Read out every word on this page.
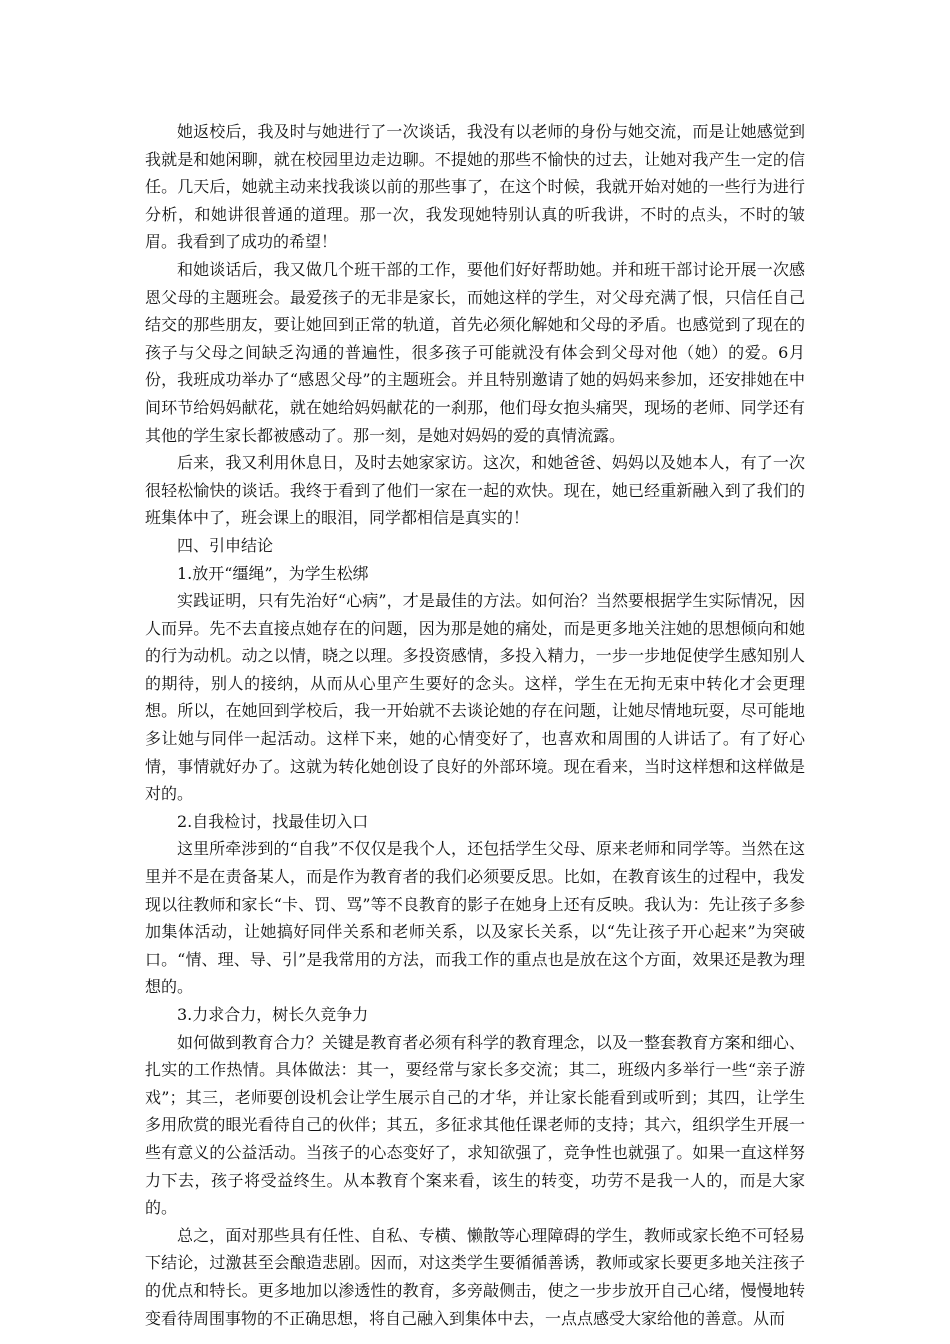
她返校后，我及时与她进行了一次谈话，我没有以老师的身份与她交流，而是让她感觉到我就是和她闲聊，就在校园里边走边聊。不提她的那些不愉快的过去，让她对我产生一定的信任。几天后，她就主动来找我谈以前的那些事了，在这个时候，我就开始对她的一些行为进行分析，和她讲很普通的道理。那一次，我发现她特别认真的听我讲，不时的点头，不时的皱眉。我看到了成功的希望！

和她谈话后，我又做几个班干部的工作，要他们好好帮助她。并和班干部讨论开展一次感恩父母的主题班会。最爱孩子的无非是家长，而她这样的学生，对父母充满了恨，只信任自己结交的那些朋友，要让她回到正常的轨道，首先必须化解她和父母的矛盾。也感觉到了现在的孩子与父母之间缺乏沟通的普遍性，很多孩子可能就没有体会到父母对他（她）的爱。6月份，我班成功举办了“感恩父母”的主题班会。并且特别邀请了她的妈妈来参加，还安排她在中间环节给妈妈献花，就在她给妈妈献花的一刹那，他们母女抱头痛哭，现场的老师、同学还有其他的学生家长都被感动了。那一刻，是她对妈妈的爱的真情流露。

后来，我又利用休息日，及时去她家家访。这次，和她爸爸、妈妈以及她本人，有了一次很轻松愉快的谈话。我终于看到了他们一家在一起的欢快。现在，她已经重新融入到了我们的班集体中了，班会课上的眼泪，同学都相信是真实的！

四、引申结论

1.放开“缰绳”，为学生松绑

实践证明，只有先治好“心病”，才是最佳的方法。如何治？当然要根据学生实际情况，因人而异。先不去直接点她存在的问题，因为那是她的痛处，而是更多地关注她的思想倾向和她的行为动机。动之以情，晓之以理。多投资感情，多投入精力，一步一步地促使学生感知别人的期待，别人的接纳，从而从心里产生要好的念头。这样，学生在无拘无束中转化才会更理想。所以，在她回到学校后，我一开始就不去谈论她的存在问题，让她尽情地玩耍，尽可能地多让她与同伴一起活动。这样下来，她的心情变好了，也喜欢和周围的人讲话了。有了好心情，事情就好办了。这就为转化她创设了良好的外部环境。现在看来，当时这样想和这样做是对的。

2.自我检讨，找最佳切入口

这里所牵涉到的“自我”不仅仅是我个人，还包括学生父母、原来老师和同学等。当然在这里并不是在责备某人，而是作为教育者的我们必须要反思。比如，在教育该生的过程中，我发现以往教师和家长“卡、罚、骂”等不良教育的影子在她身上还有反映。我认为：先让孩子多参加集体活动，让她搞好同伴关系和老师关系，以及家长关系，以“先让孩子开心起来”为突破口。“情、理、导、引”是我常用的方法，而我工作的重点也是放在这个方面，效果还是教为理想的。

3.力求合力，树长久竞争力

如何做到教育合力？关键是教育者必须有科学的教育理念，以及一整套教育方案和细心、扎实的工作热情。具体做法：其一，要经常与家长多交流；其二，班级内多举行一些“亲子游戏”；其三，老师要创设机会让学生展示自己的才华，并让家长能看到或听到；其四，让学生多用欣赏的眼光看待自己的伙伴；其五，多征求其他任课老师的支持；其六，组织学生开展一些有意义的公益活动。当孩子的心态变好了，求知欲强了，竞争性也就强了。如果一直这样努力下去，孩子将受益终生。从本教育个案来看，该生的转变，功劳不是我一人的，而是大家的。

总之，面对那些具有任性、自私、专横、懒散等心理障碍的学生，教师或家长绝不可轻易下结论，过激甚至会酿造悲剧。因而，对这类学生要循循善诱，教师或家长要更多地关注孩子的优点和特长。更多地加以渗透性的教育，多旁敲侧击，使之一步步放开自己心绪，慢慢地转变看待周围事物的不正确思想，将自己融入到集体中去，一点点感受大家给他的善意。从而
